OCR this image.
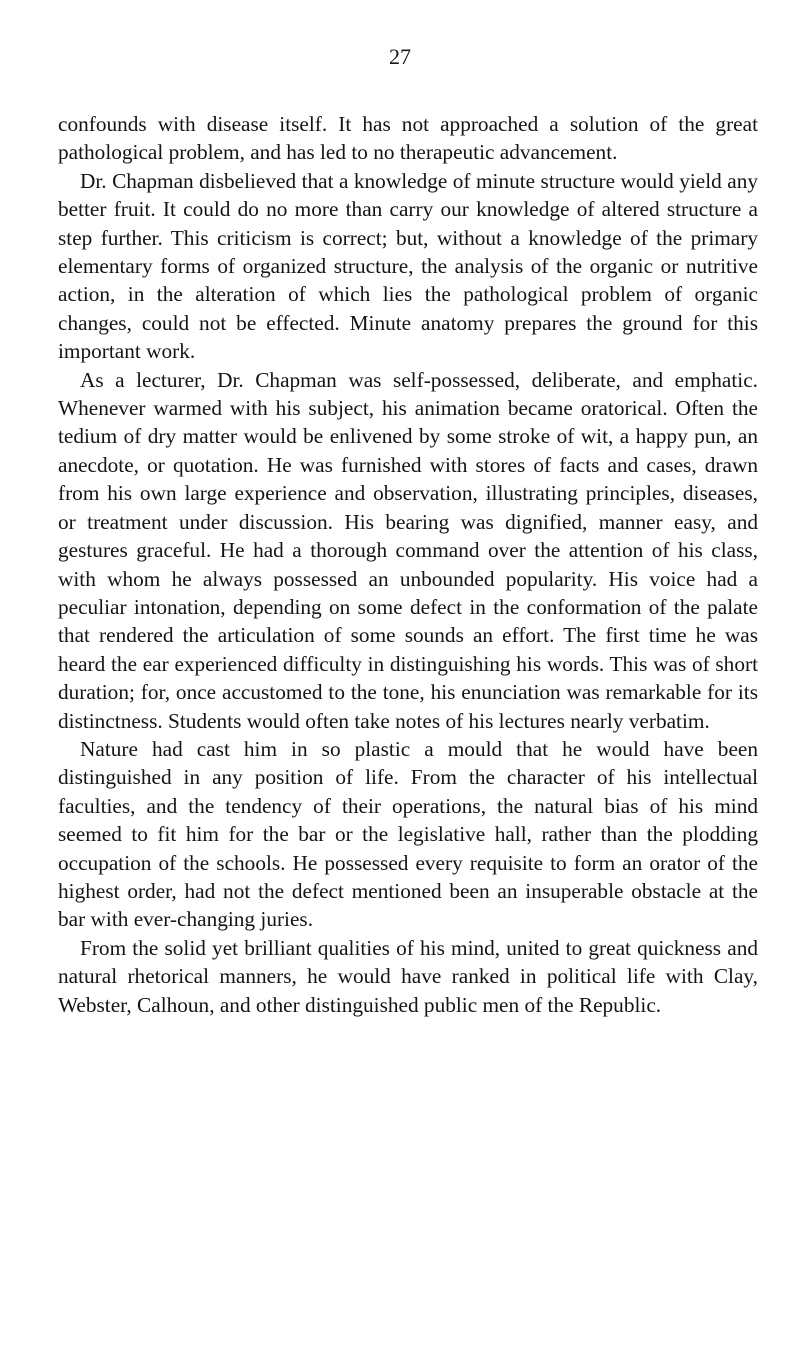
27

confounds with disease itself. It has not approached a solution of the great pathological problem, and has led to no therapeutic advancement.

Dr. Chapman disbelieved that a knowledge of minute structure would yield any better fruit. It could do no more than carry our knowledge of altered structure a step further. This criticism is correct; but, without a knowledge of the primary elementary forms of organized structure, the analysis of the organic or nutritive action, in the alteration of which lies the pathological problem of organic changes, could not be effected. Minute anatomy prepares the ground for this important work.

As a lecturer, Dr. Chapman was self-possessed, deliberate, and emphatic. Whenever warmed with his subject, his animation became oratorical. Often the tedium of dry matter would be enlivened by some stroke of wit, a happy pun, an anecdote, or quotation. He was furnished with stores of facts and cases, drawn from his own large experience and observation, illustrating principles, diseases, or treatment under discussion. His bearing was dignified, manner easy, and gestures graceful. He had a thorough command over the attention of his class, with whom he always possessed an unbounded popularity. His voice had a peculiar intonation, depending on some defect in the conformation of the palate that rendered the articulation of some sounds an effort. The first time he was heard the ear experienced difficulty in distinguishing his words. This was of short duration; for, once accustomed to the tone, his enunciation was remarkable for its distinctness. Students would often take notes of his lectures nearly verbatim.

Nature had cast him in so plastic a mould that he would have been distinguished in any position of life. From the character of his intellectual faculties, and the tendency of their operations, the natural bias of his mind seemed to fit him for the bar or the legislative hall, rather than the plodding occupation of the schools. He possessed every requisite to form an orator of the highest order, had not the defect mentioned been an insuperable obstacle at the bar with ever-changing juries.

From the solid yet brilliant qualities of his mind, united to great quickness and natural rhetorical manners, he would have ranked in political life with Clay, Webster, Calhoun, and other distinguished public men of the Republic.
